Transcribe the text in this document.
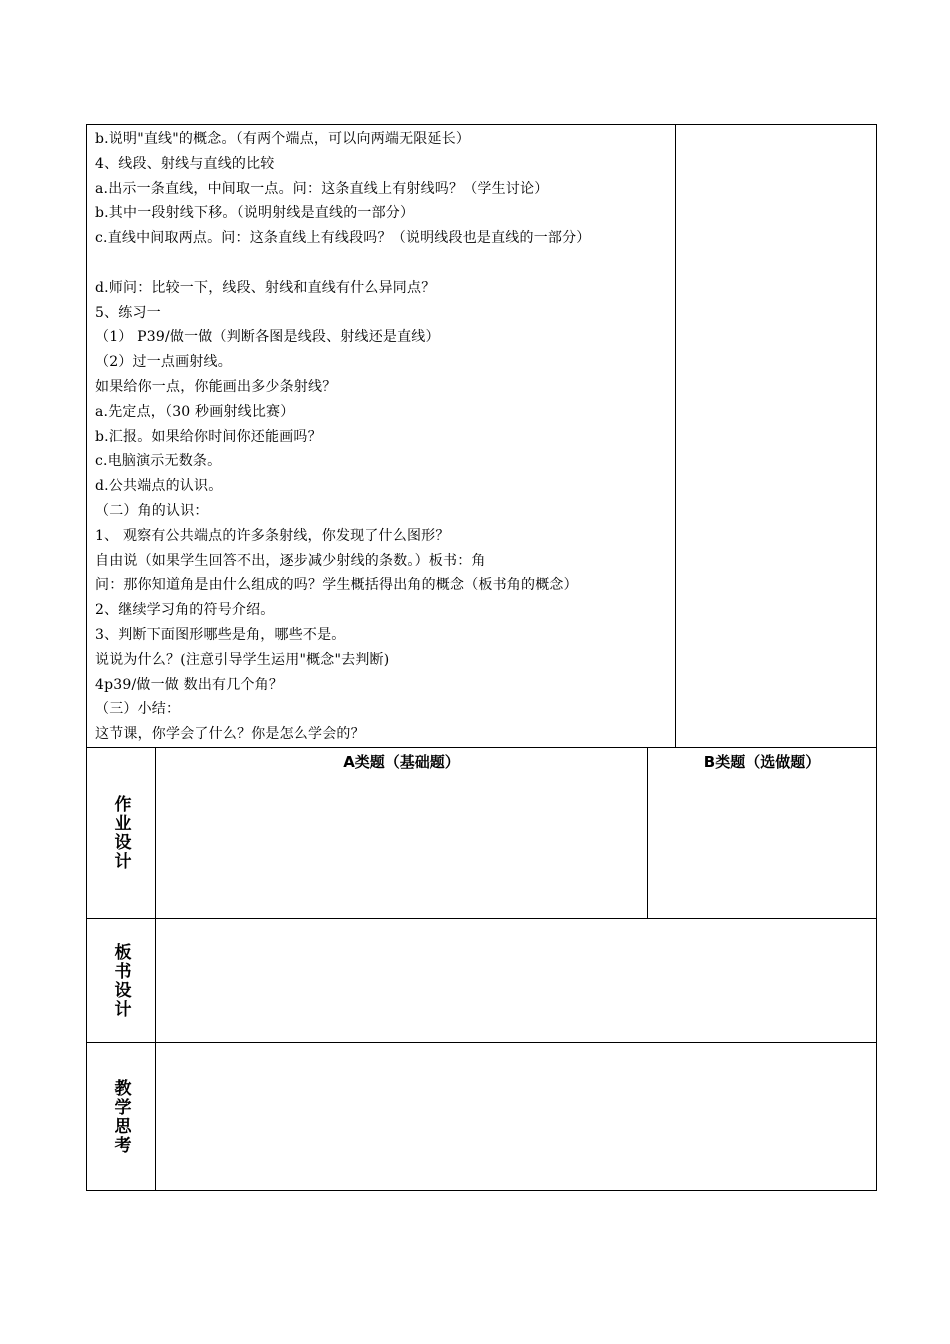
b.说明"直线"的概念。（有两个端点，可以向两端无限延长）
4、线段、射线与直线的比较
a.出示一条直线，中间取一点。问：这条直线上有射线吗？（学生讨论）
b.其中一段射线下移。（说明射线是直线的一部分）
c.直线中间取两点。问：这条直线上有线段吗？（说明线段也是直线的一部分）
d.师问：比较一下，线段、射线和直线有什么异同点？
5、练习一
（1） P39/做一做（判断各图是线段、射线还是直线）
（2）过一点画射线。
如果给你一点，你能画出多少条射线？
a.先定点，（30 秒画射线比赛）
b.汇报。如果给你时间你还能画吗？
c.电脑演示无数条。
d.公共端点的认识。
（二）角的认识：
1、 观察有公共端点的许多条射线，你发现了什么图形？
自由说（如果学生回答不出，逐步减少射线的条数。）板书：角
问：那你知道角是由什么组成的吗？学生概括得出角的概念（板书角的概念）
2、继续学习角的符号介绍。
3、判断下面图形哪些是角，哪些不是。
说说为什么？(注意引导学生运用"概念"去判断)
4p39/做一做 数出有几个角？
（三）小结：
这节课，你学会了什么？你是怎么学会的？
作业设计
A类题（基础题）	B类题（选做题）
板书设计
教学思考
